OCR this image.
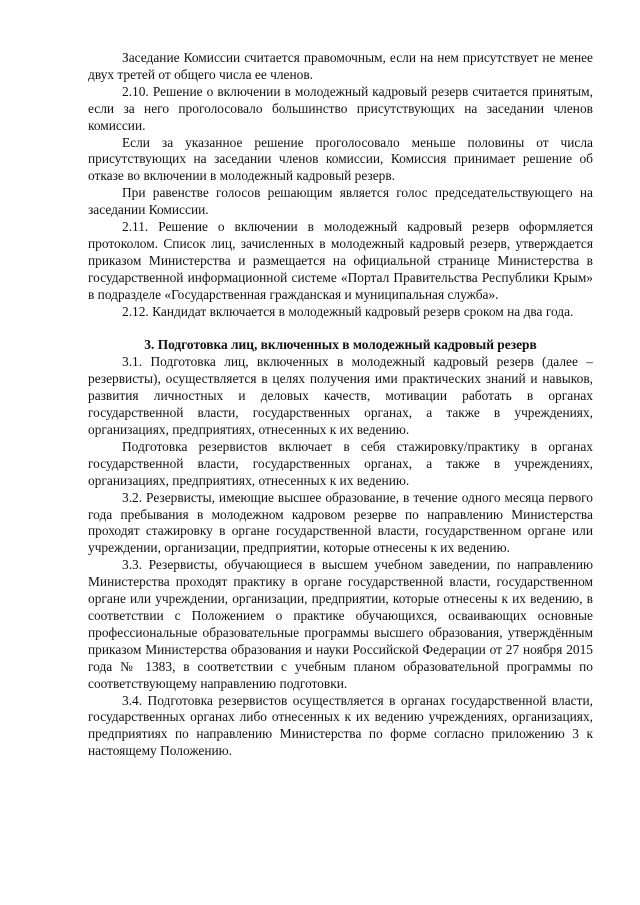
Заседание Комиссии считается правомочным, если на нем присутствует не менее двух третей от общего числа ее членов.

2.10. Решение о включении в молодежный кадровый резерв считается принятым, если за него проголосовало большинство присутствующих на заседании членов комиссии.

Если за указанное решение проголосовало меньше половины от числа присутствующих на заседании членов комиссии, Комиссия принимает решение об отказе во включении в молодежный кадровый резерв.

При равенстве голосов решающим является голос председательствующего на заседании Комиссии.

2.11. Решение о включении в молодежный кадровый резерв оформляется протоколом. Список лиц, зачисленных в молодежный кадровый резерв, утверждается приказом Министерства и размещается на официальной странице Министерства в государственной информационной системе «Портал Правительства Республики Крым» в подразделе «Государственная гражданская и муниципальная служба».

2.12. Кандидат включается в молодежный кадровый резерв сроком на два года.

3. Подготовка лиц, включенных в молодежный кадровый резерв

3.1. Подготовка лиц, включенных в молодежный кадровый резерв (далее – резервисты), осуществляется в целях получения ими практических знаний и навыков, развития личностных и деловых качеств, мотивации работать в органах государственной власти, государственных органах, а также в учреждениях, организациях, предприятиях, отнесенных к их ведению.

Подготовка резервистов включает в себя стажировку/практику в органах государственной власти, государственных органах, а также в учреждениях, организациях, предприятиях, отнесенных к их ведению.

3.2. Резервисты, имеющие высшее образование, в течение одного месяца первого года пребывания в молодежном кадровом резерве по направлению Министерства проходят стажировку в органе государственной власти, государственном органе или учреждении, организации, предприятии, которые отнесены к их ведению.

3.3. Резервисты, обучающиеся в высшем учебном заведении, по направлению Министерства проходят практику в органе государственной власти, государственном органе или учреждении, организации, предприятии, которые отнесены к их ведению, в соответствии с Положением о практике обучающихся, осваивающих основные профессиональные образовательные программы высшего образования, утверждённым приказом Министерства образования и науки Российской Федерации от 27 ноября 2015 года № 1383, в соответствии с учебным планом образовательной программы по соответствующему направлению подготовки.

3.4. Подготовка резервистов осуществляется в органах государственной власти, государственных органах либо отнесенных к их ведению учреждениях, организациях, предприятиях по направлению Министерства по форме согласно приложению 3 к настоящему Положению.
